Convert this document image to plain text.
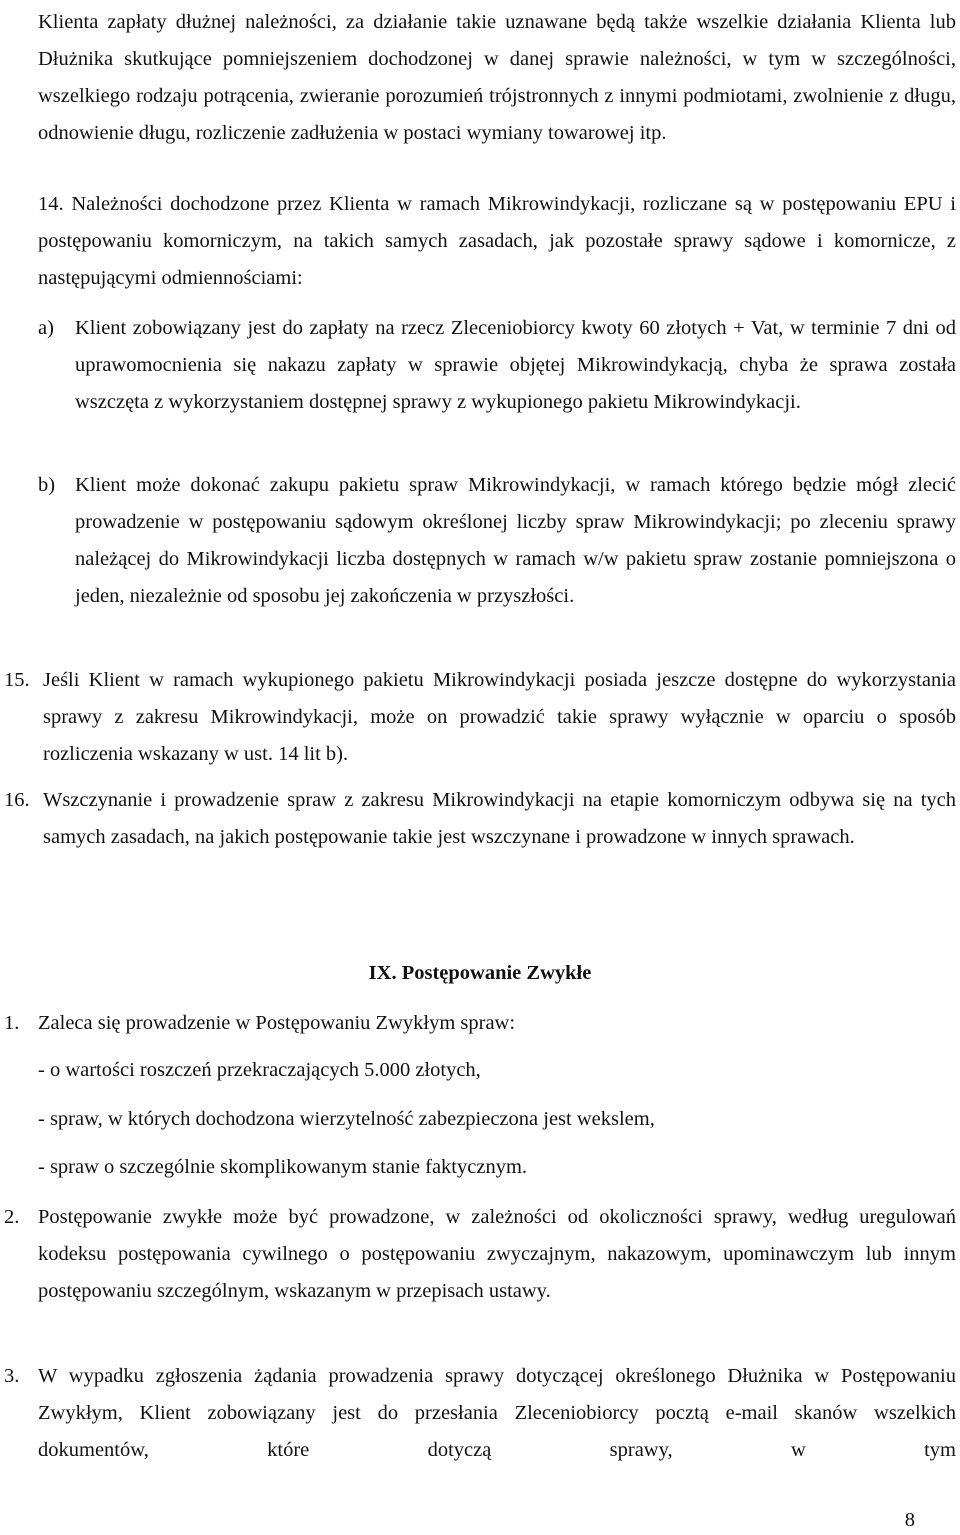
Klienta zapłaty dłużnej należności, za działanie takie uznawane będą także wszelkie działania Klienta lub Dłużnika skutkujące pomniejszeniem dochodzonej w danej sprawie należności, w tym w szczególności, wszelkiego rodzaju potrącenia, zwieranie porozumień trójstronnych z innymi podmiotami, zwolnienie z długu, odnowienie długu, rozliczenie zadłużenia w postaci wymiany towarowej itp.

14. Należności dochodzone przez Klienta w ramach Mikrowindykacji, rozliczane są w postępowaniu EPU i postępowaniu komorniczym, na takich samych zasadach, jak pozostałe sprawy sądowe i komornicze, z następującymi odmiennościami:

a) Klient zobowiązany jest do zapłaty na rzecz Zleceniobiorcy kwoty 60 złotych + Vat, w terminie 7 dni od uprawomocnienia się nakazu zapłaty w sprawie objętej Mikrowindykacją, chyba że sprawa została wszczęta z wykorzystaniem dostępnej sprawy z wykupionego pakietu Mikrowindykacji.

b) Klient może dokonać zakupu pakietu spraw Mikrowindykacji, w ramach którego będzie mógł zlecić prowadzenie w postępowaniu sądowym określonej liczby spraw Mikrowindykacji; po zleceniu sprawy należącej do Mikrowindykacji liczba dostępnych w ramach w/w pakietu spraw zostanie pomniejszona o jeden, niezależnie od sposobu jej zakończenia w przyszłości.

15. Jeśli Klient w ramach wykupionego pakietu Mikrowindykacji posiada jeszcze dostępne do wykorzystania sprawy z zakresu Mikrowindykacji, może on prowadzić takie sprawy wyłącznie w oparciu o sposób rozliczenia wskazany w ust. 14 lit b).

16. Wszczynanie i prowadzenie spraw z zakresu Mikrowindykacji na etapie komorniczym odbywa się na tych samych zasadach, na jakich postępowanie takie jest wszczynane i prowadzone w innych sprawach.

IX. Postępowanie Zwykłe
1. Zaleca się prowadzenie w Postępowaniu Zwykłym spraw:

- o wartości roszczeń przekraczających 5.000 złotych,

- spraw, w których dochodzona wierzytelność zabezpieczona jest wekslem,

- spraw o szczególnie skomplikowanym stanie faktycznym.

2. Postępowanie zwykłe może być prowadzone, w zależności od okoliczności sprawy, według uregulowań kodeksu postępowania cywilnego o postępowaniu zwyczajnym, nakazowym, upominawczym lub innym postępowaniu szczególnym, wskazanym w przepisach ustawy.

3. W wypadku zgłoszenia żądania prowadzenia sprawy dotyczącej określonego Dłużnika w Postępowaniu Zwykłym, Klient zobowiązany jest do przesłania Zleceniobiorcy pocztą e-mail skanów wszelkich dokumentów, które dotyczą sprawy, w tym

8
